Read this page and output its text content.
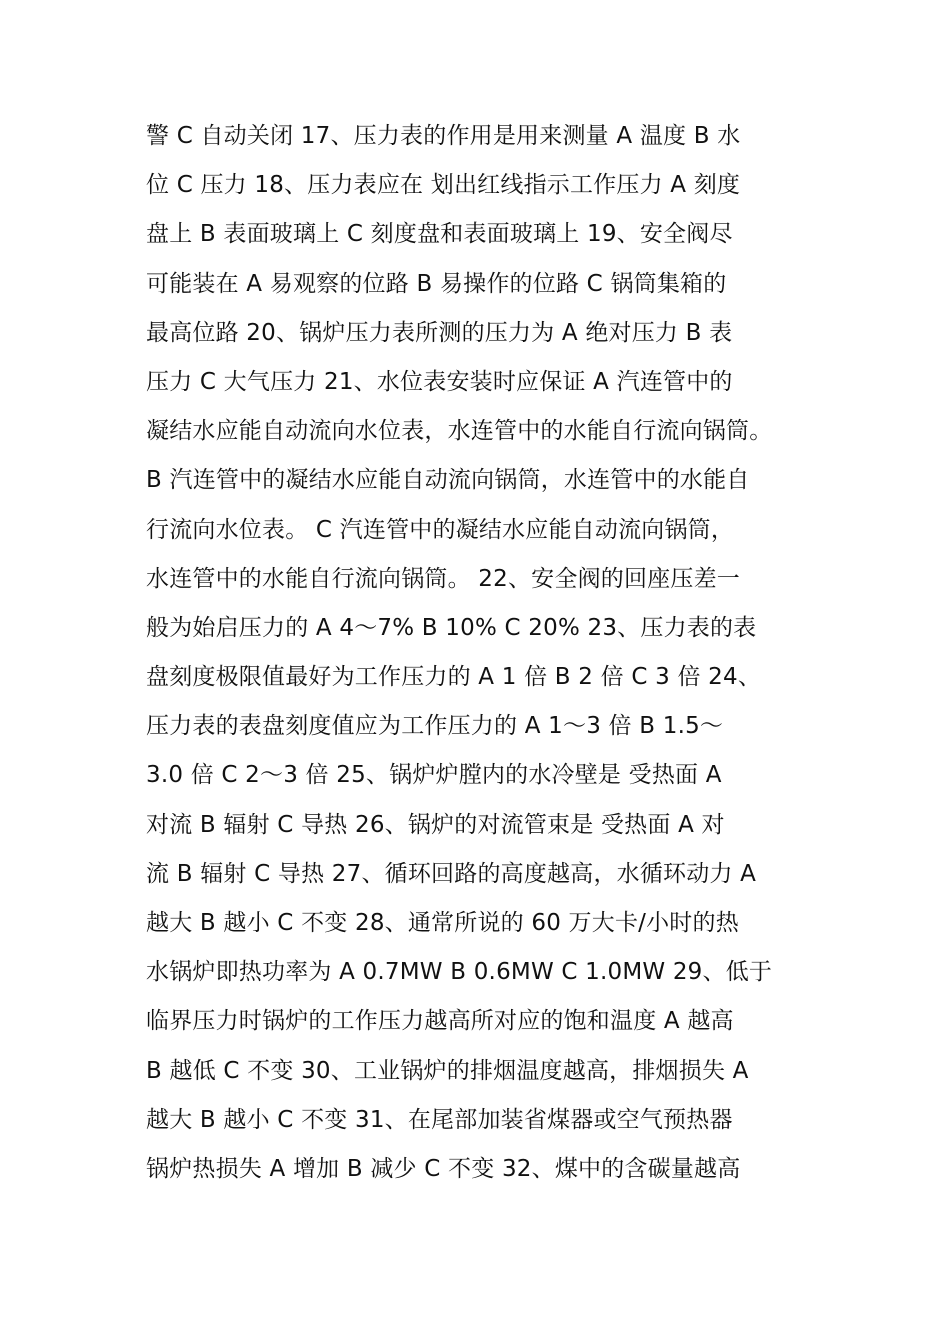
警 C 自动关闭 17、压力表的作用是用来测量 A 温度 B 水
位 C 压力 18、压力表应在 划出红线指示工作压力 A 刻度
盘上 B 表面玻璃上 C 刻度盘和表面玻璃上 19、安全阀尽
可能装在 A 易观察的位路 B 易操作的位路 C 锅筒集箱的
最高位路 20、锅炉压力表所测的压力为 A 绝对压力 B 表
压力 C 大气压力 21、水位表安装时应保证 A 汽连管中的
凝结水应能自动流向水位表，水连管中的水能自行流向锅筒。
B 汽连管中的凝结水应能自动流向锅筒，水连管中的水能自
行流向水位表。 C 汽连管中的凝结水应能自动流向锅筒，
水连管中的水能自行流向锅筒。 22、安全阀的回座压差一
般为始启压力的 A 4～7% B 10% C 20% 23、压力表的表
盘刻度极限值最好为工作压力的 A 1 倍 B 2 倍 C 3 倍 24、
压力表的表盘刻度值应为工作压力的 A 1～3 倍 B 1.5～
3.0 倍 C 2～3 倍 25、锅炉炉膛内的水冷壁是 受热面 A
对流 B 辐射 C 导热 26、锅炉的对流管束是 受热面 A 对
流 B 辐射 C 导热 27、循环回路的高度越高，水循环动力 A
越大 B 越小 C 不变 28、通常所说的 60 万大卡/小时的热
水锅炉即热功率为 A 0.7MW B 0.6MW C 1.0MW 29、低于
临界压力时锅炉的工作压力越高所对应的饱和温度 A 越高
B 越低 C 不变 30、工业锅炉的排烟温度越高，排烟损失 A
越大 B 越小 C 不变 31、在尾部加装省煤器或空气预热器
锅炉热损失 A 增加 B 减少 C 不变 32、煤中的含碳量越高
